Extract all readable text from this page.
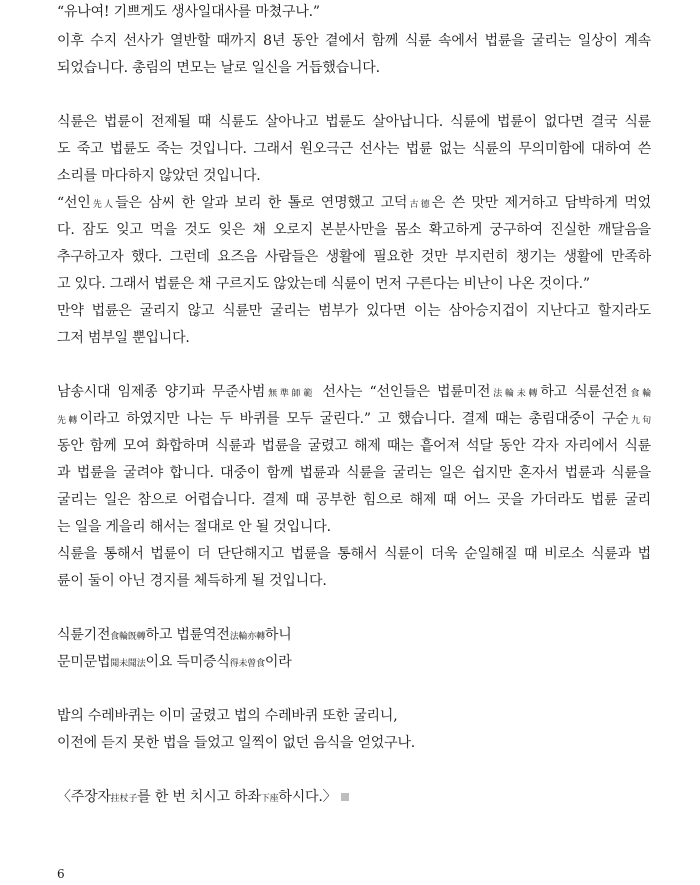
“유나여! 기쁘게도 생사일대사를 마쳤구나.”
이후 수지 선사가 열반할 때까지 8년 동안 곁에서 함께 식륜 속에서 법륜을 굴리는 일상이 계속
되었습니다. 총림의 면모는 날로 일신을 거듭했습니다.
식륜은 법륜이 전제될 때 식륜도 살아나고 법륜도 살아납니다. 식륜에 법륜이 없다면 결국 식륜
도 죽고 법륜도 죽는 것입니다. 그래서 원오극근 선사는 법륜 없는 식륜의 무의미함에 대하여 쓴
소리를 마다하지 않았던 것입니다.
“선인先人들은 삼씨 한 알과 보리 한 톨로 연명했고 고덕古德은 쓴 맛만 제거하고 담박하게 먹었
다. 잠도 잊고 먹을 것도 잊은 채 오로지 본분사만을 몸소 확고하게 궁구하여 진실한 깨달음을
추구하고자 했다. 그런데 요즈음 사람들은 생활에 필요한 것만 부지런히 챙기는 생활에 만족하
고 있다. 그래서 법륜은 채 구르지도 않았는데 식륜이 먼저 구른다는 비난이 나온 것이다.”
만약 법륜은 굴리지 않고 식륜만 굴리는 범부가 있다면 이는 삼아승지겁이 지난다고 할지라도
그저 범부일 뿐입니다.
남송시대 임제종 양기파 무준사범無準師範 선사는 “선인들은 법륜미전法輪未轉하고 식륜선전食輪
先轉이라고 하였지만 나는 두 바퀴를 모두 굴린다.” 고 했습니다. 결제 때는 총림대중이 구순九旬
동안 함께 모여 화합하며 식륜과 법륜을 굴렸고 해제 때는 흩어져 석달 동안 각자 자리에서 식륜
과 법륜을 굴려야 합니다. 대중이 함께 법륜과 식륜을 굴리는 일은 쉽지만 혼자서 법륜과 식륜을
굴리는 일은 참으로 어렵습니다. 결제 때 공부한 힘으로 해제 때 어느 곳을 가더라도 법륜 굴리
는 일을 게을리 해서는 절대로 안 될 것입니다.
식륜을 통해서 법륜이 더 단단해지고 법륜을 통해서 식륜이 더욱 순일해질 때 비로소 식륜과 법
륜이 둘이 아닌 경지를 체득하게 될 것입니다.
식륜기전食輪旣轉하고 법륜역전法輪亦轉하니
문미문법聞未聞法이요 득미증식得未曾食이라
밥의 수레바퀴는 이미 굴렸고 법의 수레바퀴 또한 굴리니,
이전에 듣지 못한 법을 들었고 일찍이 없던 음식을 얻었구나.
〈주장자拄杖子를 한 번 치시고 하좌下座하시다.〉
6
